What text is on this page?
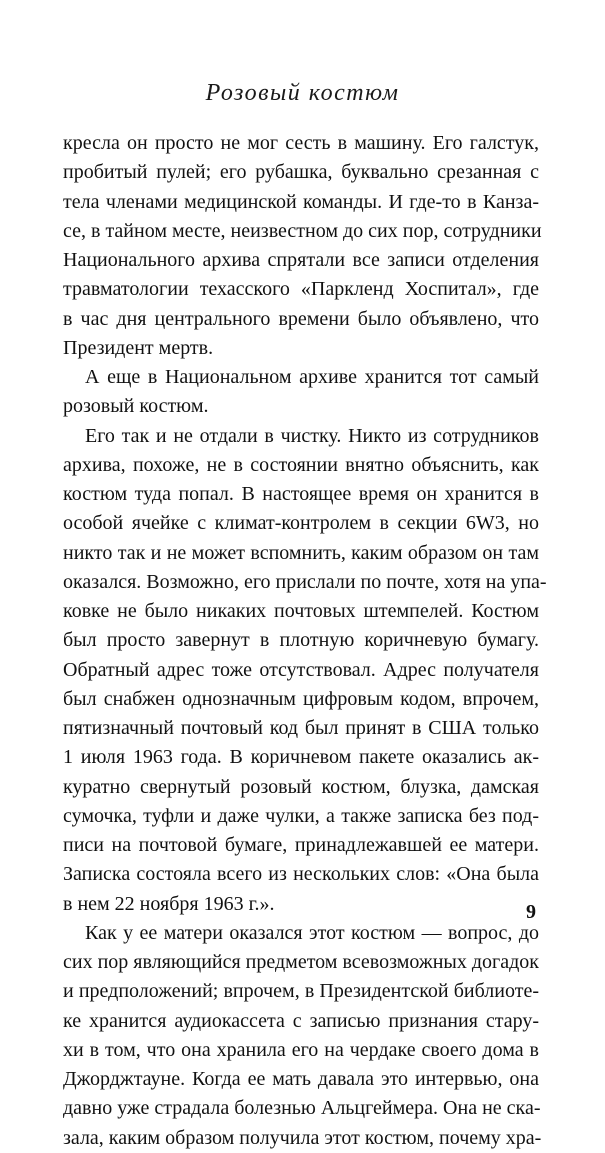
Розовый костюм
кресла он просто не мог сесть в машину. Его галстук,
пробитый пулей; его рубашка, буквально срезанная с
тела членами медицинской команды. И где-то в Канза-
се, в тайном месте, неизвестном до сих пор, сотрудники
Национального архива спрятали все записи отделения
травматологии техасского «Паркленд Хоспитал», где
в час дня центрального времени было объявлено, что
Президент мертв.
А еще в Национальном архиве хранится тот самый
розовый костюм.
Его так и не отдали в чистку. Никто из сотрудников
архива, похоже, не в состоянии внятно объяснить, как
костюм туда попал. В настоящее время он хранится в
особой ячейке с климат-контролем в секции 6W3, но
никто так и не может вспомнить, каким образом он там
оказался. Возможно, его прислали по почте, хотя на упа-
ковке не было никаких почтовых штемпелей. Костюм
был просто завернут в плотную коричневую бумагу.
Обратный адрес тоже отсутствовал. Адрес получателя
был снабжен однозначным цифровым кодом, впрочем,
пятизначный почтовый код был принят в США только
1 июля 1963 года. В коричневом пакете оказались ак-
куратно свернутый розовый костюм, блузка, дамская
сумочка, туфли и даже чулки, а также записка без под-
писи на почтовой бумаге, принадлежавшей ее матери.
Записка состояла всего из нескольких слов: «Она была
в нем 22 ноября 1963 г.».
Как у ее матери оказался этот костюм — вопрос, до
сих пор являющийся предметом всевозможных догадок
и предположений; впрочем, в Президентской библиоте-
ке хранится аудиокассета с записью признания стару-
хи в том, что она хранила его на чердаке своего дома в
Джорджтауне. Когда ее мать давала это интервью, она
давно уже страдала болезнью Альцгеймера. Она не ска-
зала, каким образом получила этот костюм, почему хра-
9
